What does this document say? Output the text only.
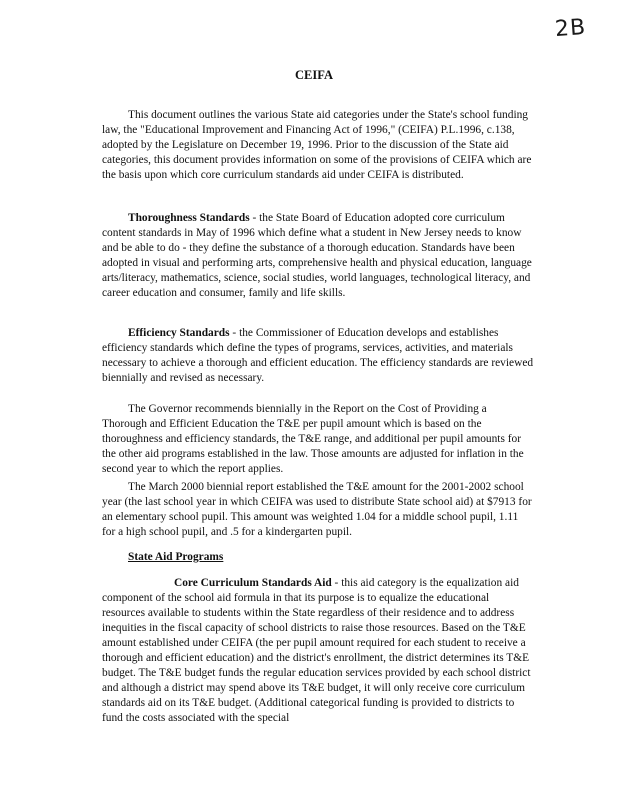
2B
CEIFA

This document outlines the various State aid categories under the State's school funding law, the "Educational Improvement and Financing Act of 1996," (CEIFA) P.L.1996, c.138, adopted by the Legislature on December 19, 1996. Prior to the discussion of the State aid categories, this document provides information on some of the provisions of CEIFA which are the basis upon which core curriculum standards aid under CEIFA is distributed.

Thoroughness Standards - the State Board of Education adopted core curriculum content standards in May of 1996 which define what a student in New Jersey needs to know and be able to do - they define the substance of a thorough education. Standards have been adopted in visual and performing arts, comprehensive health and physical education, language arts/literacy, mathematics, science, social studies, world languages, technological literacy, and career education and consumer, family and life skills.

Efficiency Standards - the Commissioner of Education develops and establishes efficiency standards which define the types of programs, services, activities, and materials necessary to achieve a thorough and efficient education. The efficiency standards are reviewed biennially and revised as necessary.

The Governor recommends biennially in the Report on the Cost of Providing a Thorough and Efficient Education the T&E per pupil amount which is based on the thoroughness and efficiency standards, the T&E range, and additional per pupil amounts for the other aid programs established in the law. Those amounts are adjusted for inflation in the second year to which the report applies.

The March 2000 biennial report established the T&E amount for the 2001-2002 school year (the last school year in which CEIFA was used to distribute State school aid) at $7913 for an elementary school pupil. This amount was weighted 1.04 for a middle school pupil, 1.11 for a high school pupil, and .5 for a kindergarten pupil.

State Aid Programs

Core Curriculum Standards Aid - this aid category is the equalization aid component of the school aid formula in that its purpose is to equalize the educational resources available to students within the State regardless of their residence and to address inequities in the fiscal capacity of school districts to raise those resources. Based on the T&E amount established under CEIFA (the per pupil amount required for each student to receive a thorough and efficient education) and the district's enrollment, the district determines its T&E budget. The T&E budget funds the regular education services provided by each school district and although a district may spend above its T&E budget, it will only receive core curriculum standards aid on its T&E budget. (Additional categorical funding is provided to districts to fund the costs associated with the special
